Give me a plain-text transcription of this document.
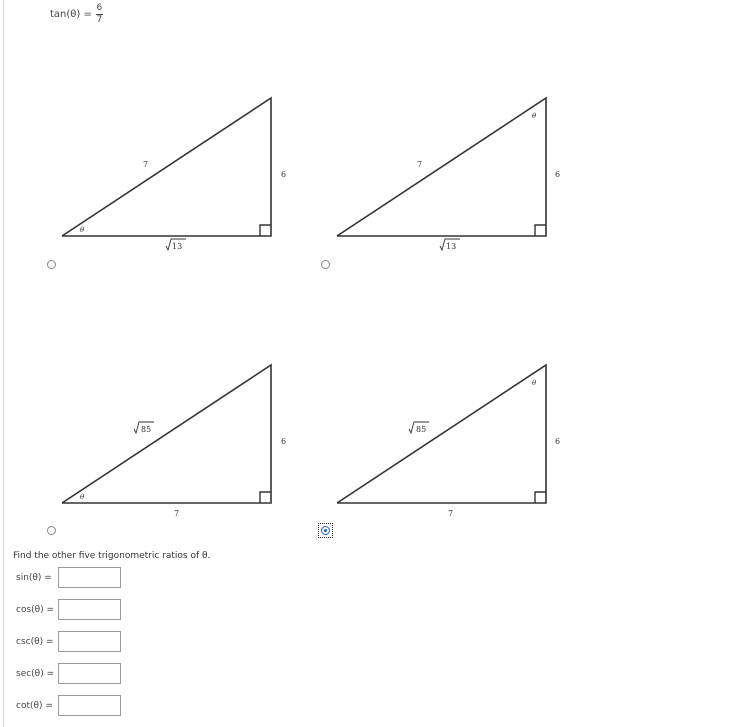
$\tan(\theta) = \frac{6}{7}$
7
6
θ
13
7
6
θ
13
85
6
7
θ
85
6
7
θ
Find the other five trigonometric ratios of θ.
sin(θ) =
cos(θ) =
csc(θ) =
sec(θ) =
cot(θ) =
